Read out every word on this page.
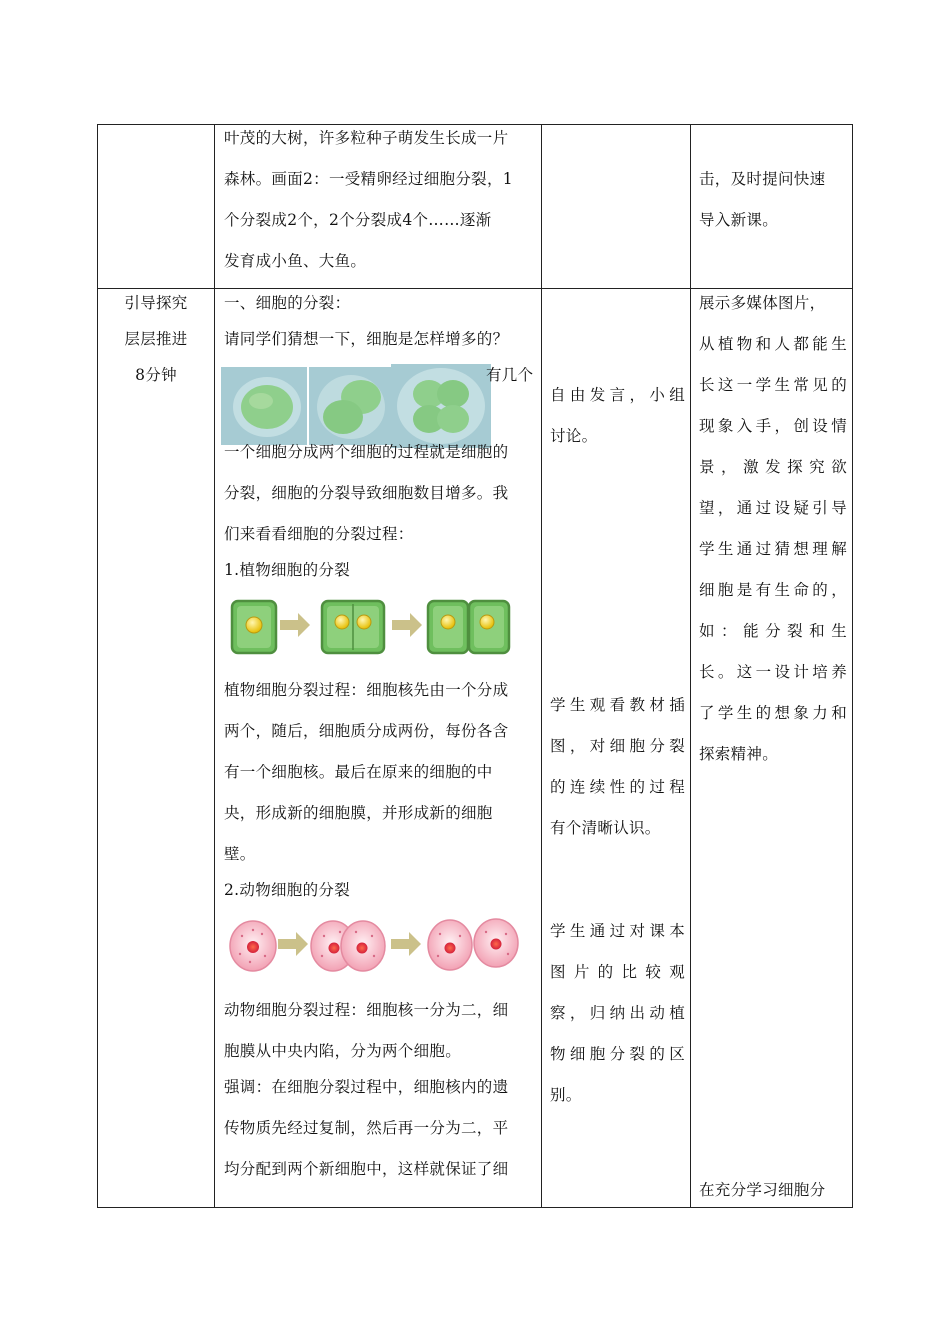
叶茂的大树，许多粒种子萌发生长成一片
森林。画面2：一受精卵经过细胞分裂，1
个分裂成2个，2个分裂成4个……逐渐
发育成小鱼、大鱼。
击，及时提问快速
导入新课。
引导探究
层层推进
8分钟
一、细胞的分裂：
请同学们猜想一下，细胞是怎样增多的？
有几个
一个细胞分成两个细胞的过程就是细胞的
分裂，细胞的分裂导致细胞数目增多。我
们来看看细胞的分裂过程：
1.植物细胞的分裂
植物细胞分裂过程：细胞核先由一个分成
两个，随后，细胞质分成两份，每份各含
有一个细胞核。最后在原来的细胞的中
央，形成新的细胞膜，并形成新的细胞
壁。
2.动物细胞的分裂
动物细胞分裂过程：细胞核一分为二，细
胞膜从中央内陷，分为两个细胞。
强调：在细胞分裂过程中，细胞核内的遗
传物质先经过复制，然后再一分为二，平
均分配到两个新细胞中，这样就保证了细
自由发言，小组
讨论。
学生观看教材插
图，对细胞分裂
的连续性的过程
有个清晰认识。
学生通过对课本
图片的比较观
察，归纳出动植
物细胞分裂的区
别。
展示多媒体图片，
从植物和人都能生
长这一学生常见的
现象入手，创设情
景，激发探究欲
望，通过设疑引导
学生通过猜想理解
细胞是有生命的，
如：能分裂和生
长。这一设计培养
了学生的想象力和
探索精神。
在充分学习细胞分
